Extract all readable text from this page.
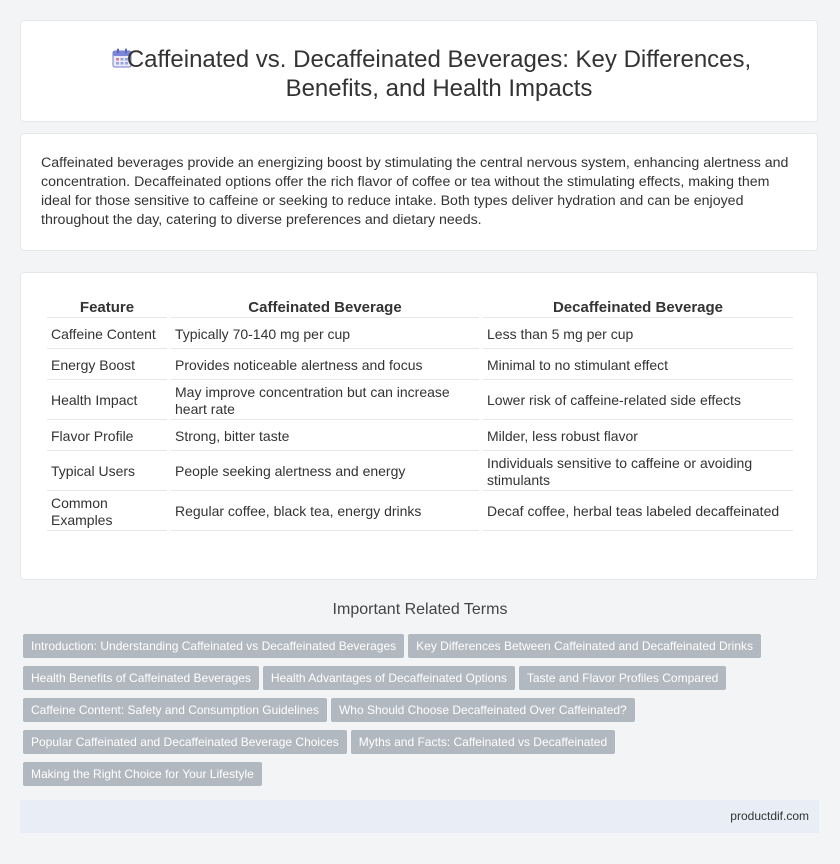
Caffeinated vs. Decaffeinated Beverages: Key Differences, Benefits, and Health Impacts

Caffeinated beverages provide an energizing boost by stimulating the central nervous system, enhancing alertness and concentration. Decaffeinated options offer the rich flavor of coffee or tea without the stimulating effects, making them ideal for those sensitive to caffeine or seeking to reduce intake. Both types deliver hydration and can be enjoyed throughout the day, catering to diverse preferences and dietary needs.

Feature	Caffeinated Beverage	Decaffeinated Beverage
Caffeine Content	Typically 70-140 mg per cup	Less than 5 mg per cup
Energy Boost	Provides noticeable alertness and focus	Minimal to no stimulant effect
Health Impact	May improve concentration but can increase heart rate	Lower risk of caffeine-related side effects
Flavor Profile	Strong, bitter taste	Milder, less robust flavor
Typical Users	People seeking alertness and energy	Individuals sensitive to caffeine or avoiding stimulants
Common Examples	Regular coffee, black tea, energy drinks	Decaf coffee, herbal teas labeled decaffeinated
Important Related Terms
Introduction: Understanding Caffeinated vs Decaffeinated Beverages Key Differences Between Caffeinated and Decaffeinated Drinks
Health Benefits of Caffeinated Beverages Health Advantages of Decaffeinated Options Taste and Flavor Profiles Compared
Caffeine Content: Safety and Consumption Guidelines Who Should Choose Decaffeinated Over Caffeinated?
Popular Caffeinated and Decaffeinated Beverage Choices Myths and Facts: Caffeinated vs Decaffeinated
Making the Right Choice for Your Lifestyle
productdif.com
